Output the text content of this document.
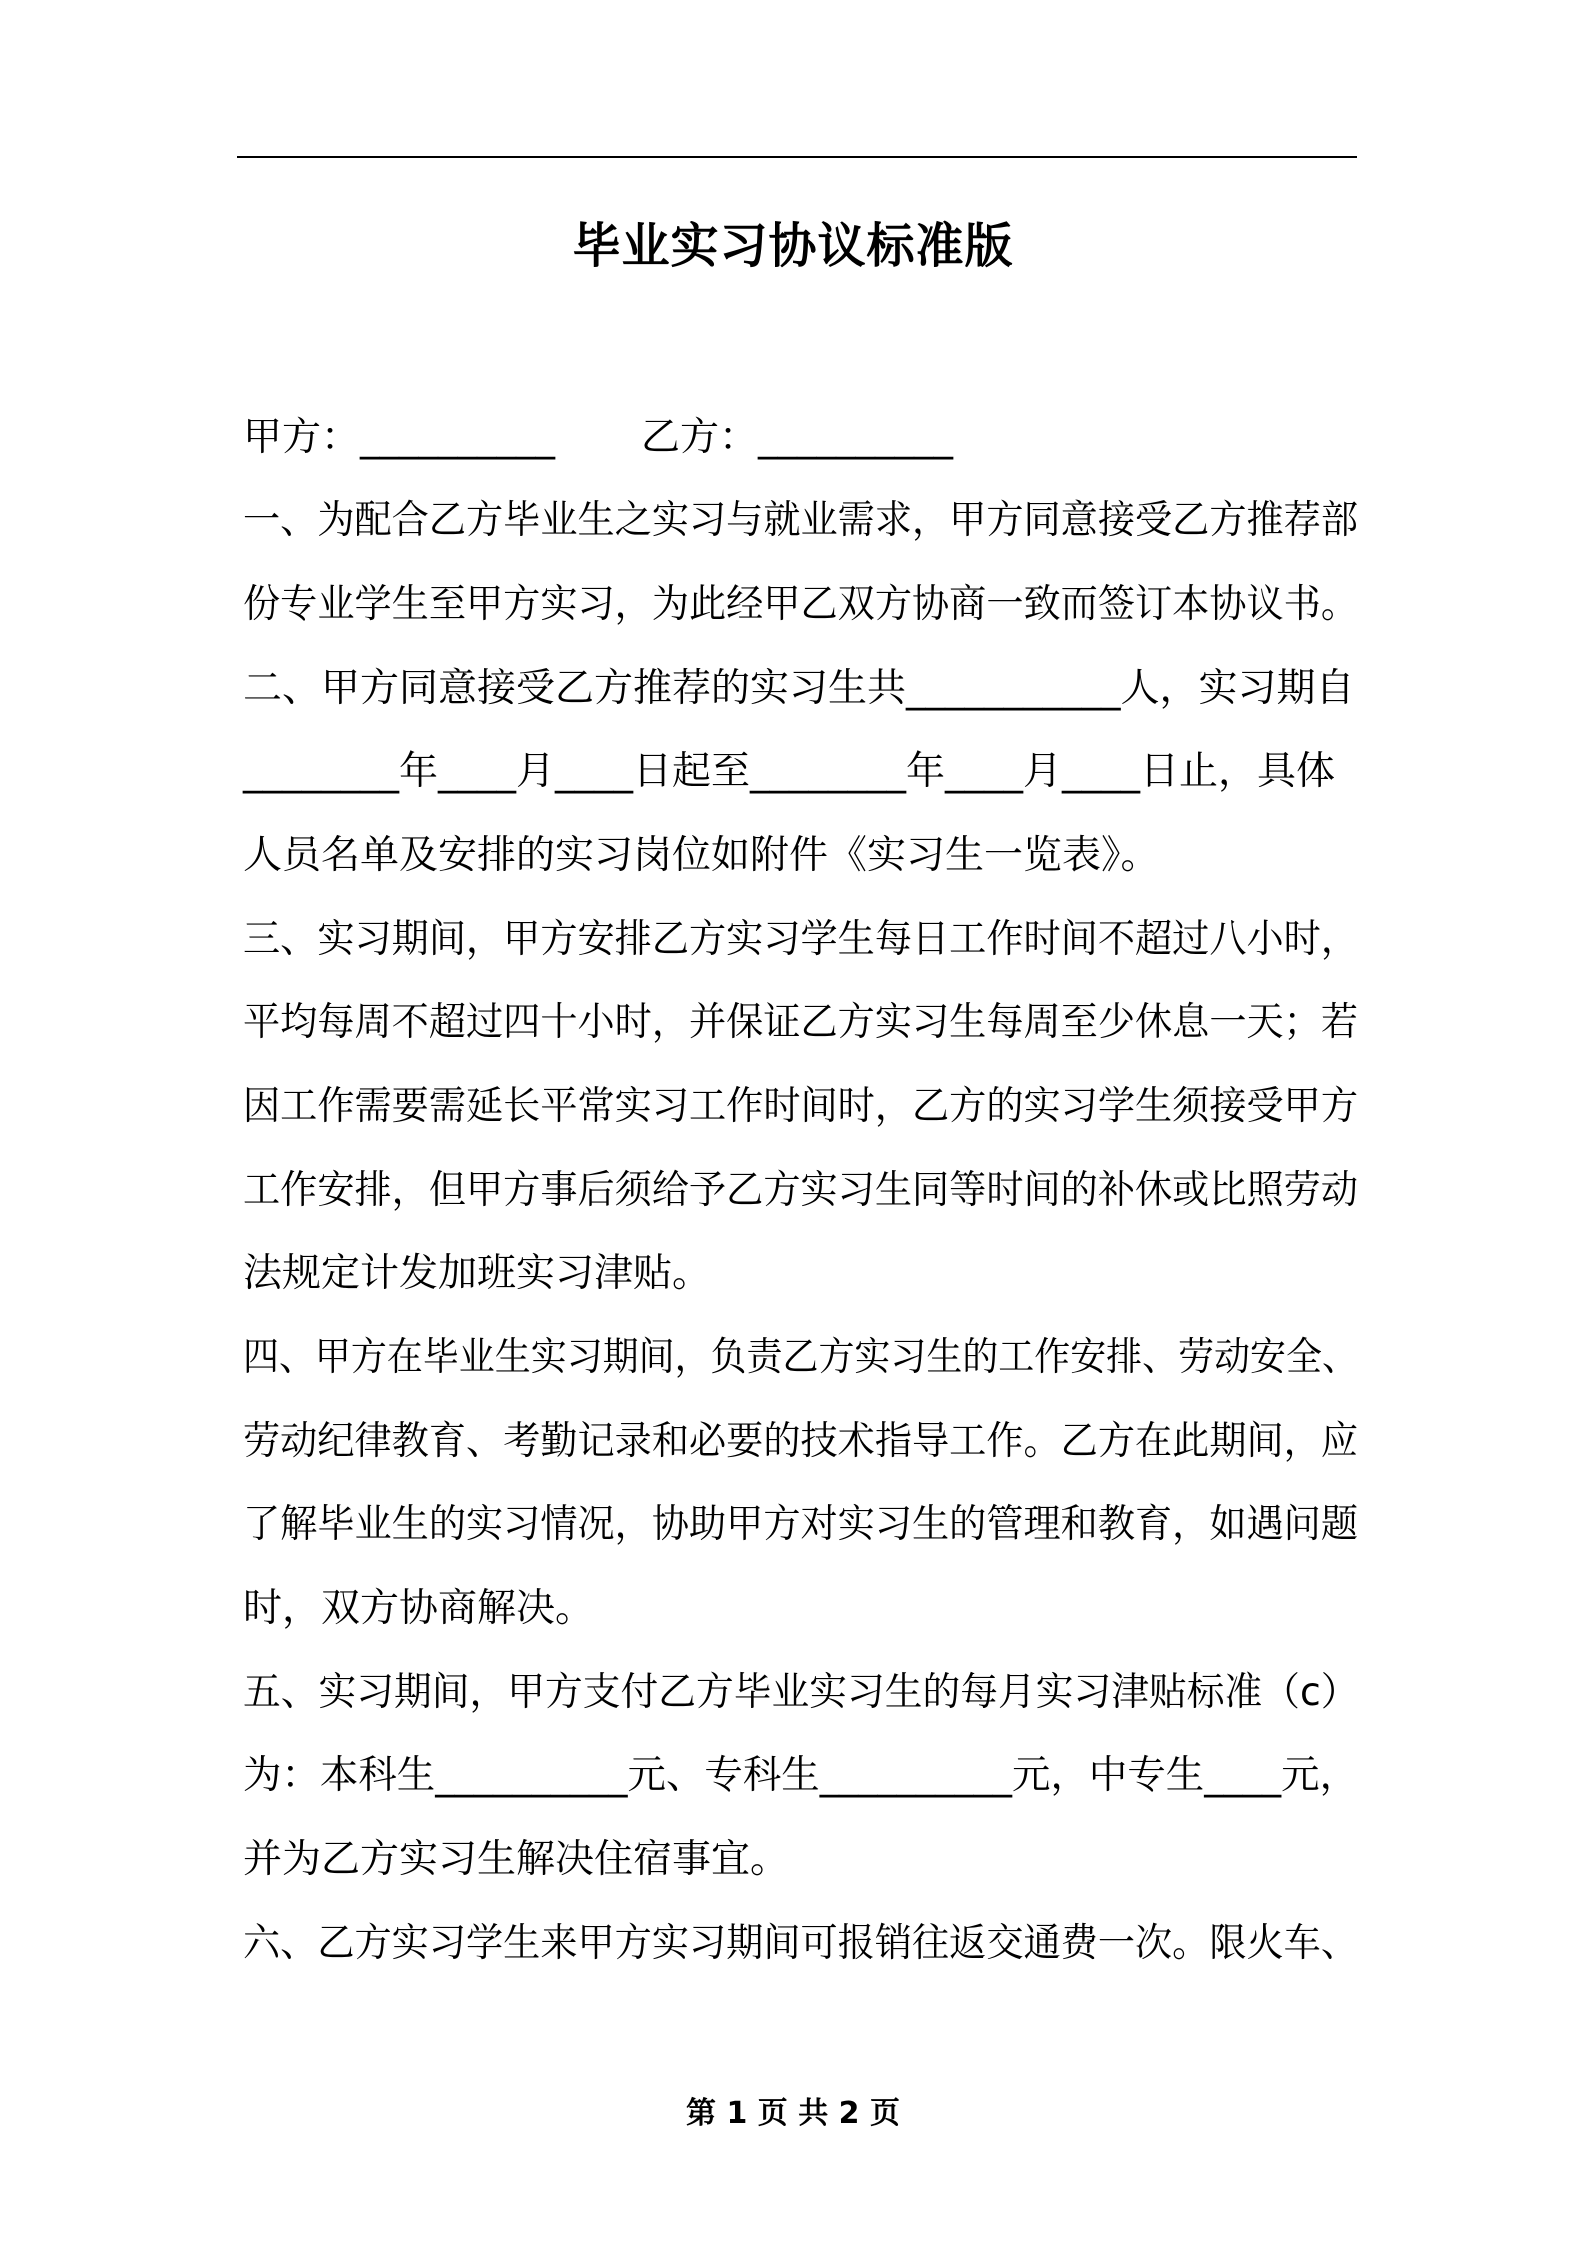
毕业实习协议标准版
甲方：__________ 乙方：__________
一、为配合乙方毕业生之实习与就业需求，甲方同意接受乙方推荐部
份专业学生至甲方实习，为此经甲乙双方协商一致而签订本协议书。
二、甲方同意接受乙方推荐的实习生共___________人，实习期自
________年____月____日起至________年____月____日止，具体
人员名单及安排的实习岗位如附件《实习生一览表》。
三、实习期间，甲方安排乙方实习学生每日工作时间不超过八小时，
平均每周不超过四十小时，并保证乙方实习生每周至少休息一天；若
因工作需要需延长平常实习工作时间时，乙方的实习学生须接受甲方
工作安排，但甲方事后须给予乙方实习生同等时间的补休或比照劳动
法规定计发加班实习津贴。
四、甲方在毕业生实习期间，负责乙方实习生的工作安排、劳动安全、
劳动纪律教育、考勤记录和必要的技术指导工作。乙方在此期间，应
了解毕业生的实习情况，协助甲方对实习生的管理和教育，如遇问题
时，双方协商解决。
五、实习期间，甲方支付乙方毕业实习生的每月实习津贴标准（c）
为：本科生__________元、专科生__________元，中专生____元，
并为乙方实习生解决住宿事宜。
六、乙方实习学生来甲方实习期间可报销往返交通费一次。限火车、
第 1 页 共 2 页
